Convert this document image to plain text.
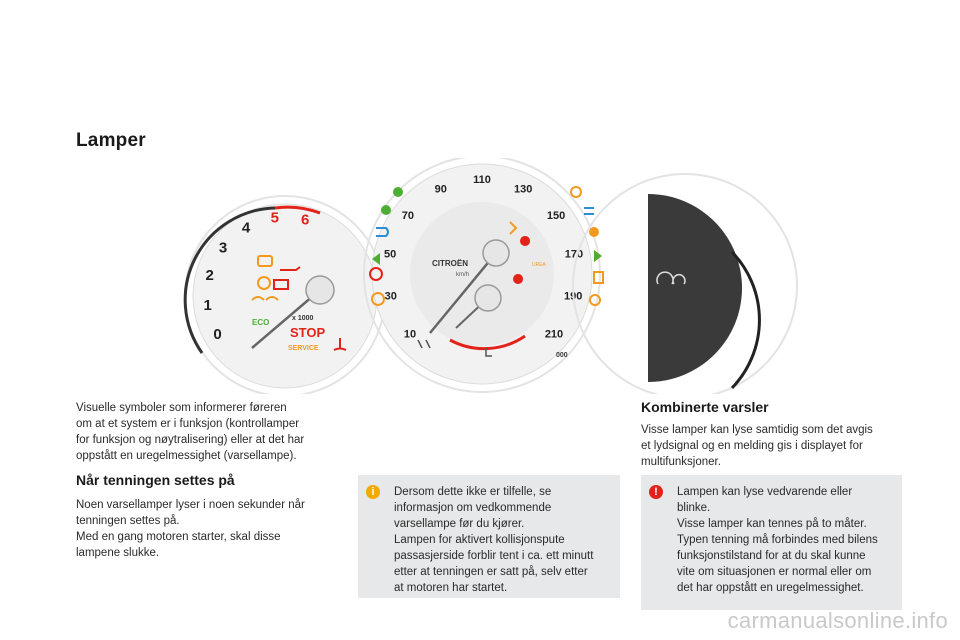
Lamper
0
1
2
3
4
5 6
ECO	x 1000
STOP
SERVICE
10
30
50
70
90
110
130
150
170
190
210
CITROËN
km/h
UREA
000

Visuelle symboler som informerer føreren
om at et system er i funksjon (kontrollamper
for funksjon og nøytralisering) eller at det har
oppstått en uregelmessighet (varsellampe).

Når tenningen settes på

Noen varsellamper lyser i noen sekunder når
tenningen settes på.
Med en gang motoren starter, skal disse
lampene slukke.

i	Dersom dette ikke er tilfelle, se
informasjon om vedkommende
varsellampe før du kjører.
Lampen for aktivert kollisjonspute
passasjerside forblir tent i ca. ett minutt
etter at tenningen er satt på, selv etter
at motoren har startet.
Kombinerte varsler

Visse lamper kan lyse samtidig som det avgis
et lydsignal og en melding gis i displayet for
multifunksjoner.

!	Lampen kan lyse vedvarende eller
blinke.
Visse lamper kan tennes på to måter.
Typen tenning må forbindes med bilens
funksjonstilstand for at du skal kunne
vite om situasjonen er normal eller om
det har oppstått en uregelmessighet.
carmanualsonline.info
